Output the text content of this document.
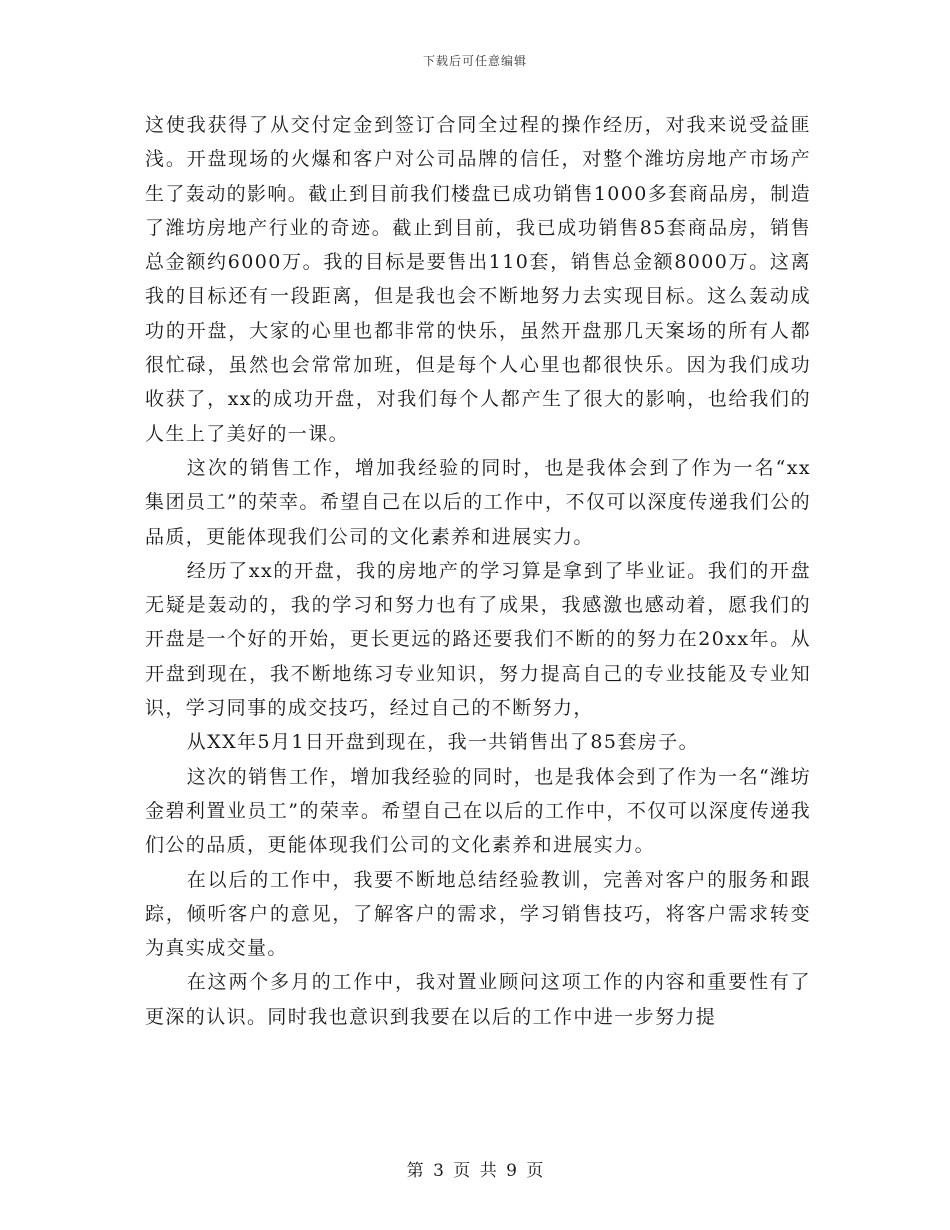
下载后可任意编辑

这使我获得了从交付定金到签订合同全过程的操作经历，对我来说受益匪浅。开盘现场的火爆和客户对公司品牌的信任，对整个潍坊房地产市场产生了轰动的影响。截止到目前我们楼盘已成功销售1000多套商品房，制造了潍坊房地产行业的奇迹。截止到目前，我已成功销售85套商品房，销售总金额约6000万。我的目标是要售出110套，销售总金额8000万。这离我的目标还有一段距离，但是我也会不断地努力去实现目标。这么轰动成功的开盘，大家的心里也都非常的快乐，虽然开盘那几天案场的所有人都很忙碌，虽然也会常常加班，但是每个人心里也都很快乐。因为我们成功收获了，xx的成功开盘，对我们每个人都产生了很大的影响，也给我们的人生上了美好的一课。

这次的销售工作，增加我经验的同时，也是我体会到了作为一名“xx集团员工”的荣幸。希望自己在以后的工作中，不仅可以深度传递我们公的品质，更能体现我们公司的文化素养和进展实力。

经历了xx的开盘，我的房地产的学习算是拿到了毕业证。我们的开盘无疑是轰动的，我的学习和努力也有了成果，我感激也感动着，愿我们的开盘是一个好的开始，更长更远的路还要我们不断的的努力在20xx年。从开盘到现在，我不断地练习专业知识，努力提高自己的专业技能及专业知识，学习同事的成交技巧，经过自己的不断努力，

从XX年5月1日开盘到现在，我一共销售出了85套房子。

这次的销售工作，增加我经验的同时，也是我体会到了作为一名“潍坊金碧利置业员工”的荣幸。希望自己在以后的工作中，不仅可以深度传递我们公的品质，更能体现我们公司的文化素养和进展实力。

在以后的工作中，我要不断地总结经验教训，完善对客户的服务和跟踪，倾听客户的意见，了解客户的需求，学习销售技巧，将客户需求转变为真实成交量。

在这两个多月的工作中，我对置业顾问这项工作的内容和重要性有了更深的认识。同时我也意识到我要在以后的工作中进一步努力提

第 3 页 共 9 页
